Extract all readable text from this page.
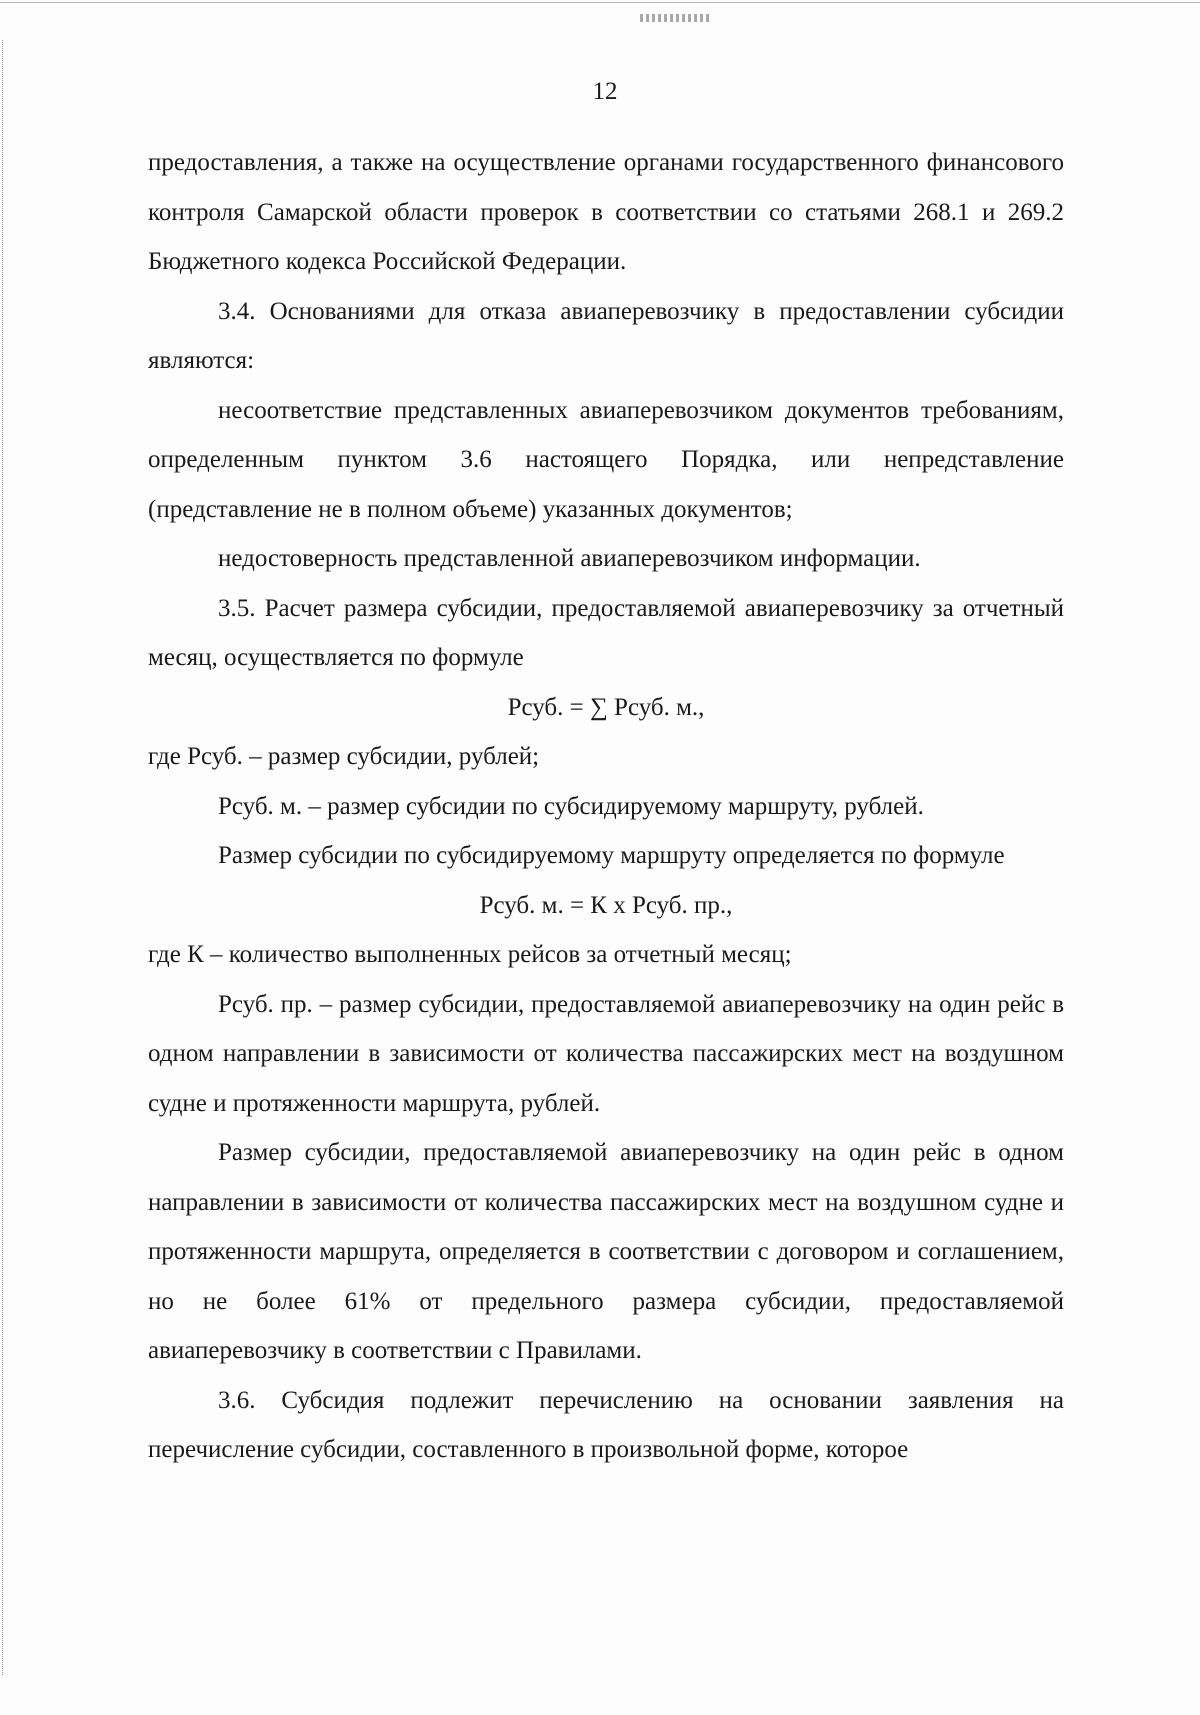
12

предоставления, а также на осуществление органами государственного финансового контроля Самарской области проверок в соответствии со статьями 268.1 и 269.2 Бюджетного кодекса Российской Федерации.

3.4. Основаниями для отказа авиаперевозчику в предоставлении субсидии являются:

несоответствие представленных авиаперевозчиком документов требованиям, определенным пунктом 3.6 настоящего Порядка, или непредставление (представление не в полном объеме) указанных документов;

недостоверность представленной авиаперевозчиком информации.

3.5. Расчет размера субсидии, предоставляемой авиаперевозчику за отчетный месяц, осуществляется по формуле

Рсуб. = ∑ Рсуб. м.,

где Рсуб. – размер субсидии, рублей;

Рсуб. м. – размер субсидии по субсидируемому маршруту, рублей.

Размер субсидии по субсидируемому маршруту определяется по формуле

Рсуб. м. = К х Рсуб. пр.,

где К – количество выполненных рейсов за отчетный месяц;

Рсуб. пр. – размер субсидии, предоставляемой авиаперевозчику на один рейс в одном направлении в зависимости от количества пассажирских мест на воздушном судне и протяженности маршрута, рублей.

Размер субсидии, предоставляемой авиаперевозчику на один рейс в одном направлении в зависимости от количества пассажирских мест на воздушном судне и протяженности маршрута, определяется в соответствии с договором и соглашением, но не более 61% от предельного размера субсидии, предоставляемой авиаперевозчику в соответствии с Правилами.

3.6. Субсидия подлежит перечислению на основании заявления на перечисление субсидии, составленного в произвольной форме, которое
